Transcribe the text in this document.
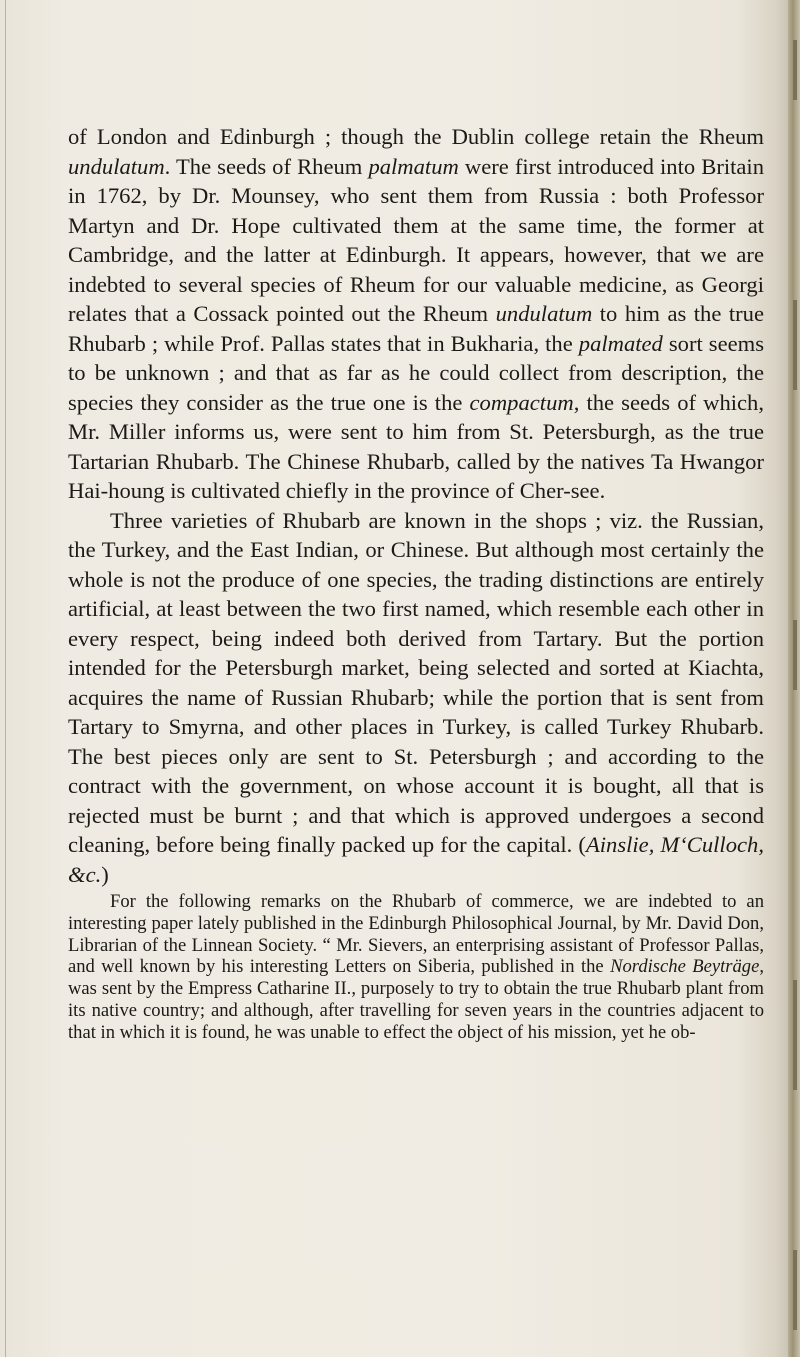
of London and Edinburgh ; though the Dublin college retain the Rheum undulatum. The seeds of Rheum palmatum were first introduced into Britain in 1762, by Dr. Mounsey, who sent them from Russia : both Professor Martyn and Dr. Hope cultivated them at the same time, the former at Cambridge, and the latter at Edinburgh. It appears, however, that we are indebted to several species of Rheum for our valuable medicine, as Georgi relates that a Cossack pointed out the Rheum undulatum to him as the true Rhubarb ; while Prof. Pallas states that in Bukharia, the palmated sort seems to be unknown ; and that as far as he could collect from description, the species they consider as the true one is the compactum, the seeds of which, Mr. Miller informs us, were sent to him from St. Petersburgh, as the true Tartarian Rhubarb. The Chinese Rhubarb, called by the natives Ta Hwangor Hai-houng is cultivated chiefly in the province of Cher-see.

Three varieties of Rhubarb are known in the shops ; viz. the Russian, the Turkey, and the East Indian, or Chinese. But although most certainly the whole is not the produce of one species, the trading distinctions are entirely artificial, at least between the two first named, which resemble each other in every respect, being indeed both derived from Tartary. But the portion intended for the Petersburgh market, being selected and sorted at Kiachta, acquires the name of Russian Rhubarb; while the portion that is sent from Tartary to Smyrna, and other places in Turkey, is called Turkey Rhubarb. The best pieces only are sent to St. Petersburgh ; and according to the contract with the government, on whose account it is bought, all that is rejected must be burnt ; and that which is approved undergoes a second cleaning, before being finally packed up for the capital. (Ainslie, M‘Culloch, &c.)

For the following remarks on the Rhubarb of commerce, we are indebted to an interesting paper lately published in the Edinburgh Philosophical Journal, by Mr. David Don, Librarian of the Linnean Society. “ Mr. Sievers, an enterprising assistant of Professor Pallas, and well known by his interesting Letters on Siberia, published in the Nordische Beyträge, was sent by the Empress Catharine II., purposely to try to obtain the true Rhubarb plant from its native country; and although, after travelling for seven years in the countries adjacent to that in which it is found, he was unable to effect the object of his mission, yet he ob-
